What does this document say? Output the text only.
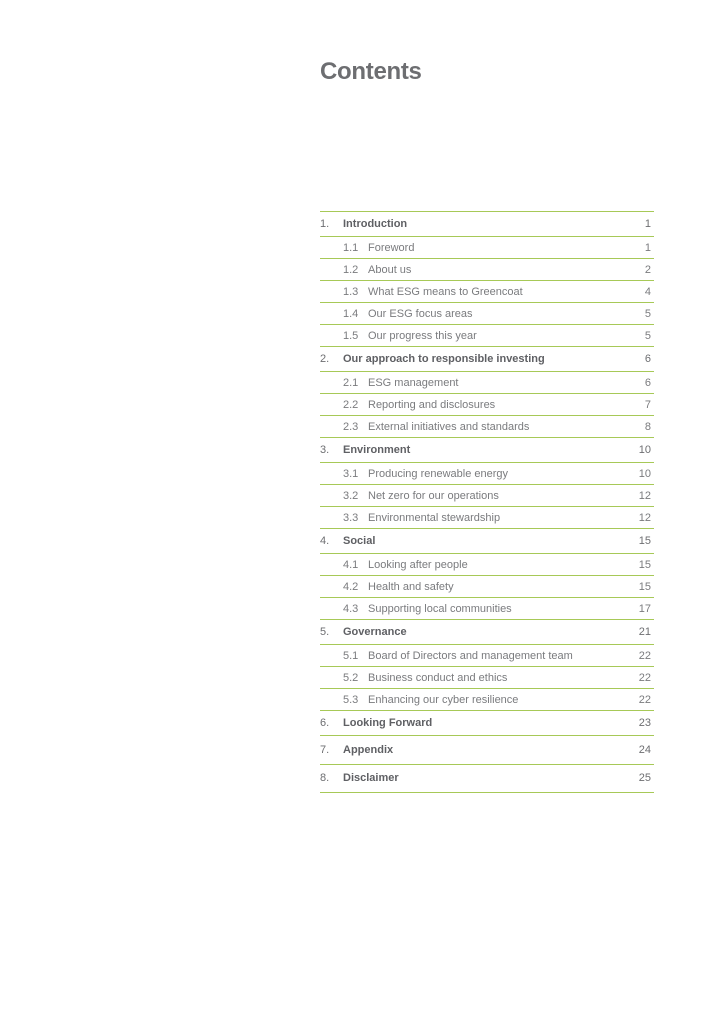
Contents
1.	Introduction	1
1.1 Foreword	1
1.2 About us	2
1.3 What ESG means to Greencoat	4
1.4 Our ESG focus areas	5
1.5 Our progress this year	5
2.	Our approach to responsible investing	6
2.1 ESG management	6
2.2 Reporting and disclosures	7
2.3 External initiatives and standards	8
3.	Environment	10
3.1 Producing renewable energy	10
3.2 Net zero for our operations	12
3.3 Environmental stewardship	12
4.	Social	15
4.1 Looking after people	15
4.2 Health and safety	15
4.3 Supporting local communities	17
5.	Governance	21
5.1 Board of Directors and management team	22
5.2 Business conduct and ethics	22
5.3 Enhancing our cyber resilience	22
6.	Looking Forward	23
7.	Appendix	24
8.	Disclaimer	25
